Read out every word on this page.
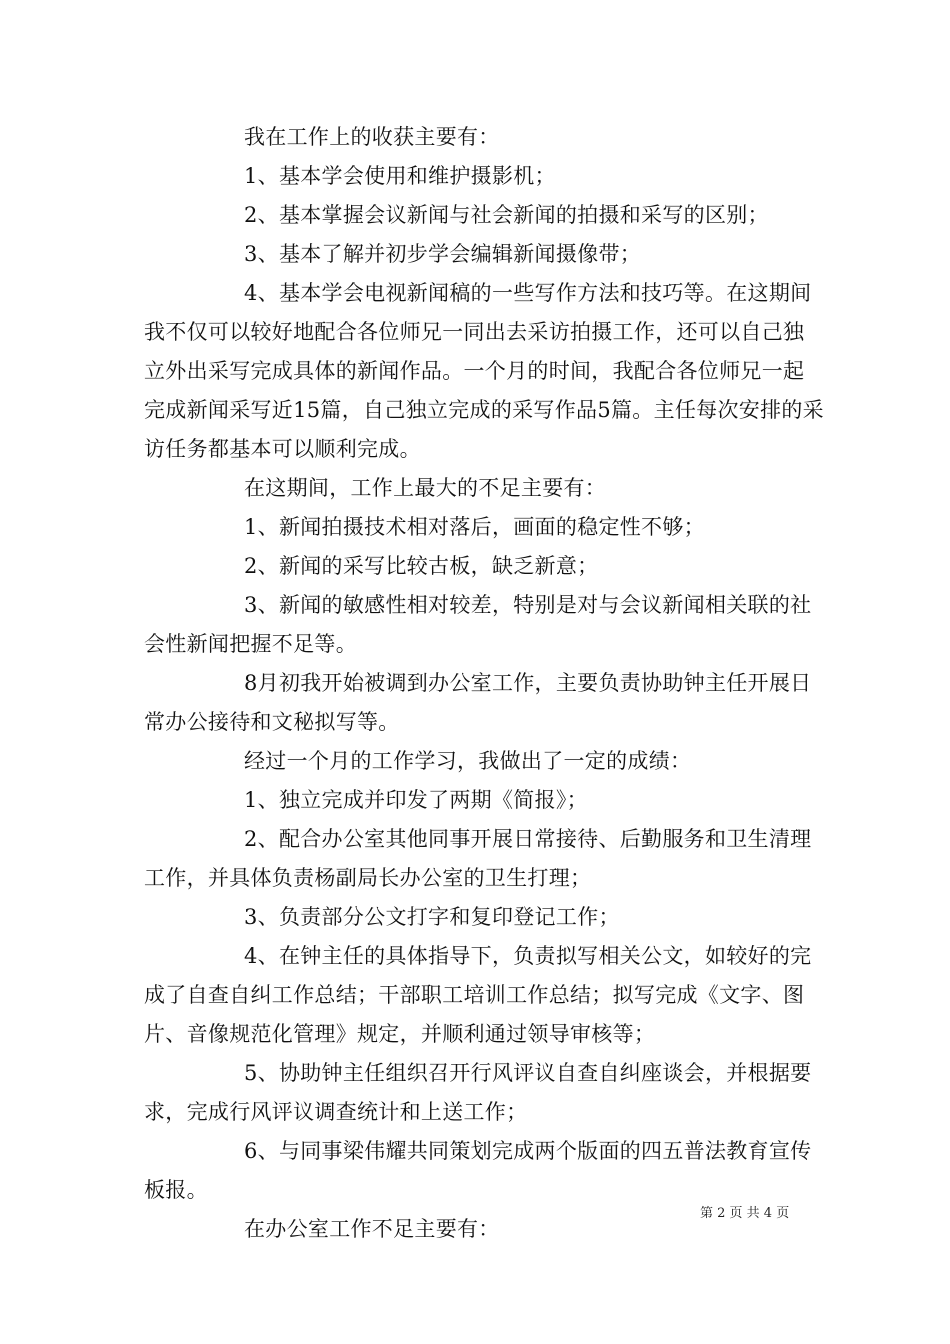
我在工作上的收获主要有：

1、基本学会使用和维护摄影机；

2、基本掌握会议新闻与社会新闻的拍摄和采写的区别；

3、基本了解并初步学会编辑新闻摄像带；

4、基本学会电视新闻稿的一些写作方法和技巧等。在这期间我不仅可以较好地配合各位师兄一同出去采访拍摄工作，还可以自己独立外出采写完成具体的新闻作品。一个月的时间，我配合各位师兄一起完成新闻采写近15篇，自己独立完成的采写作品5篇。主任每次安排的采访任务都基本可以顺利完成。

在这期间，工作上最大的不足主要有：

1、新闻拍摄技术相对落后，画面的稳定性不够；

2、新闻的采写比较古板，缺乏新意；

3、新闻的敏感性相对较差，特别是对与会议新闻相关联的社会性新闻把握不足等。

8月初我开始被调到办公室工作，主要负责协助钟主任开展日常办公接待和文秘拟写等。

经过一个月的工作学习，我做出了一定的成绩：

1、独立完成并印发了两期《简报》；

2、配合办公室其他同事开展日常接待、后勤服务和卫生清理工作，并具体负责杨副局长办公室的卫生打理；

3、负责部分公文打字和复印登记工作；

4、在钟主任的具体指导下，负责拟写相关公文，如较好的完成了自查自纠工作总结；干部职工培训工作总结；拟写完成《文字、图片、音像规范化管理》规定，并顺利通过领导审核等；

5、协助钟主任组织召开行风评议自查自纠座谈会，并根据要求，完成行风评议调查统计和上送工作；

6、与同事梁伟耀共同策划完成两个版面的四五普法教育宣传板报。

在办公室工作不足主要有：

第 2 页 共 4 页
